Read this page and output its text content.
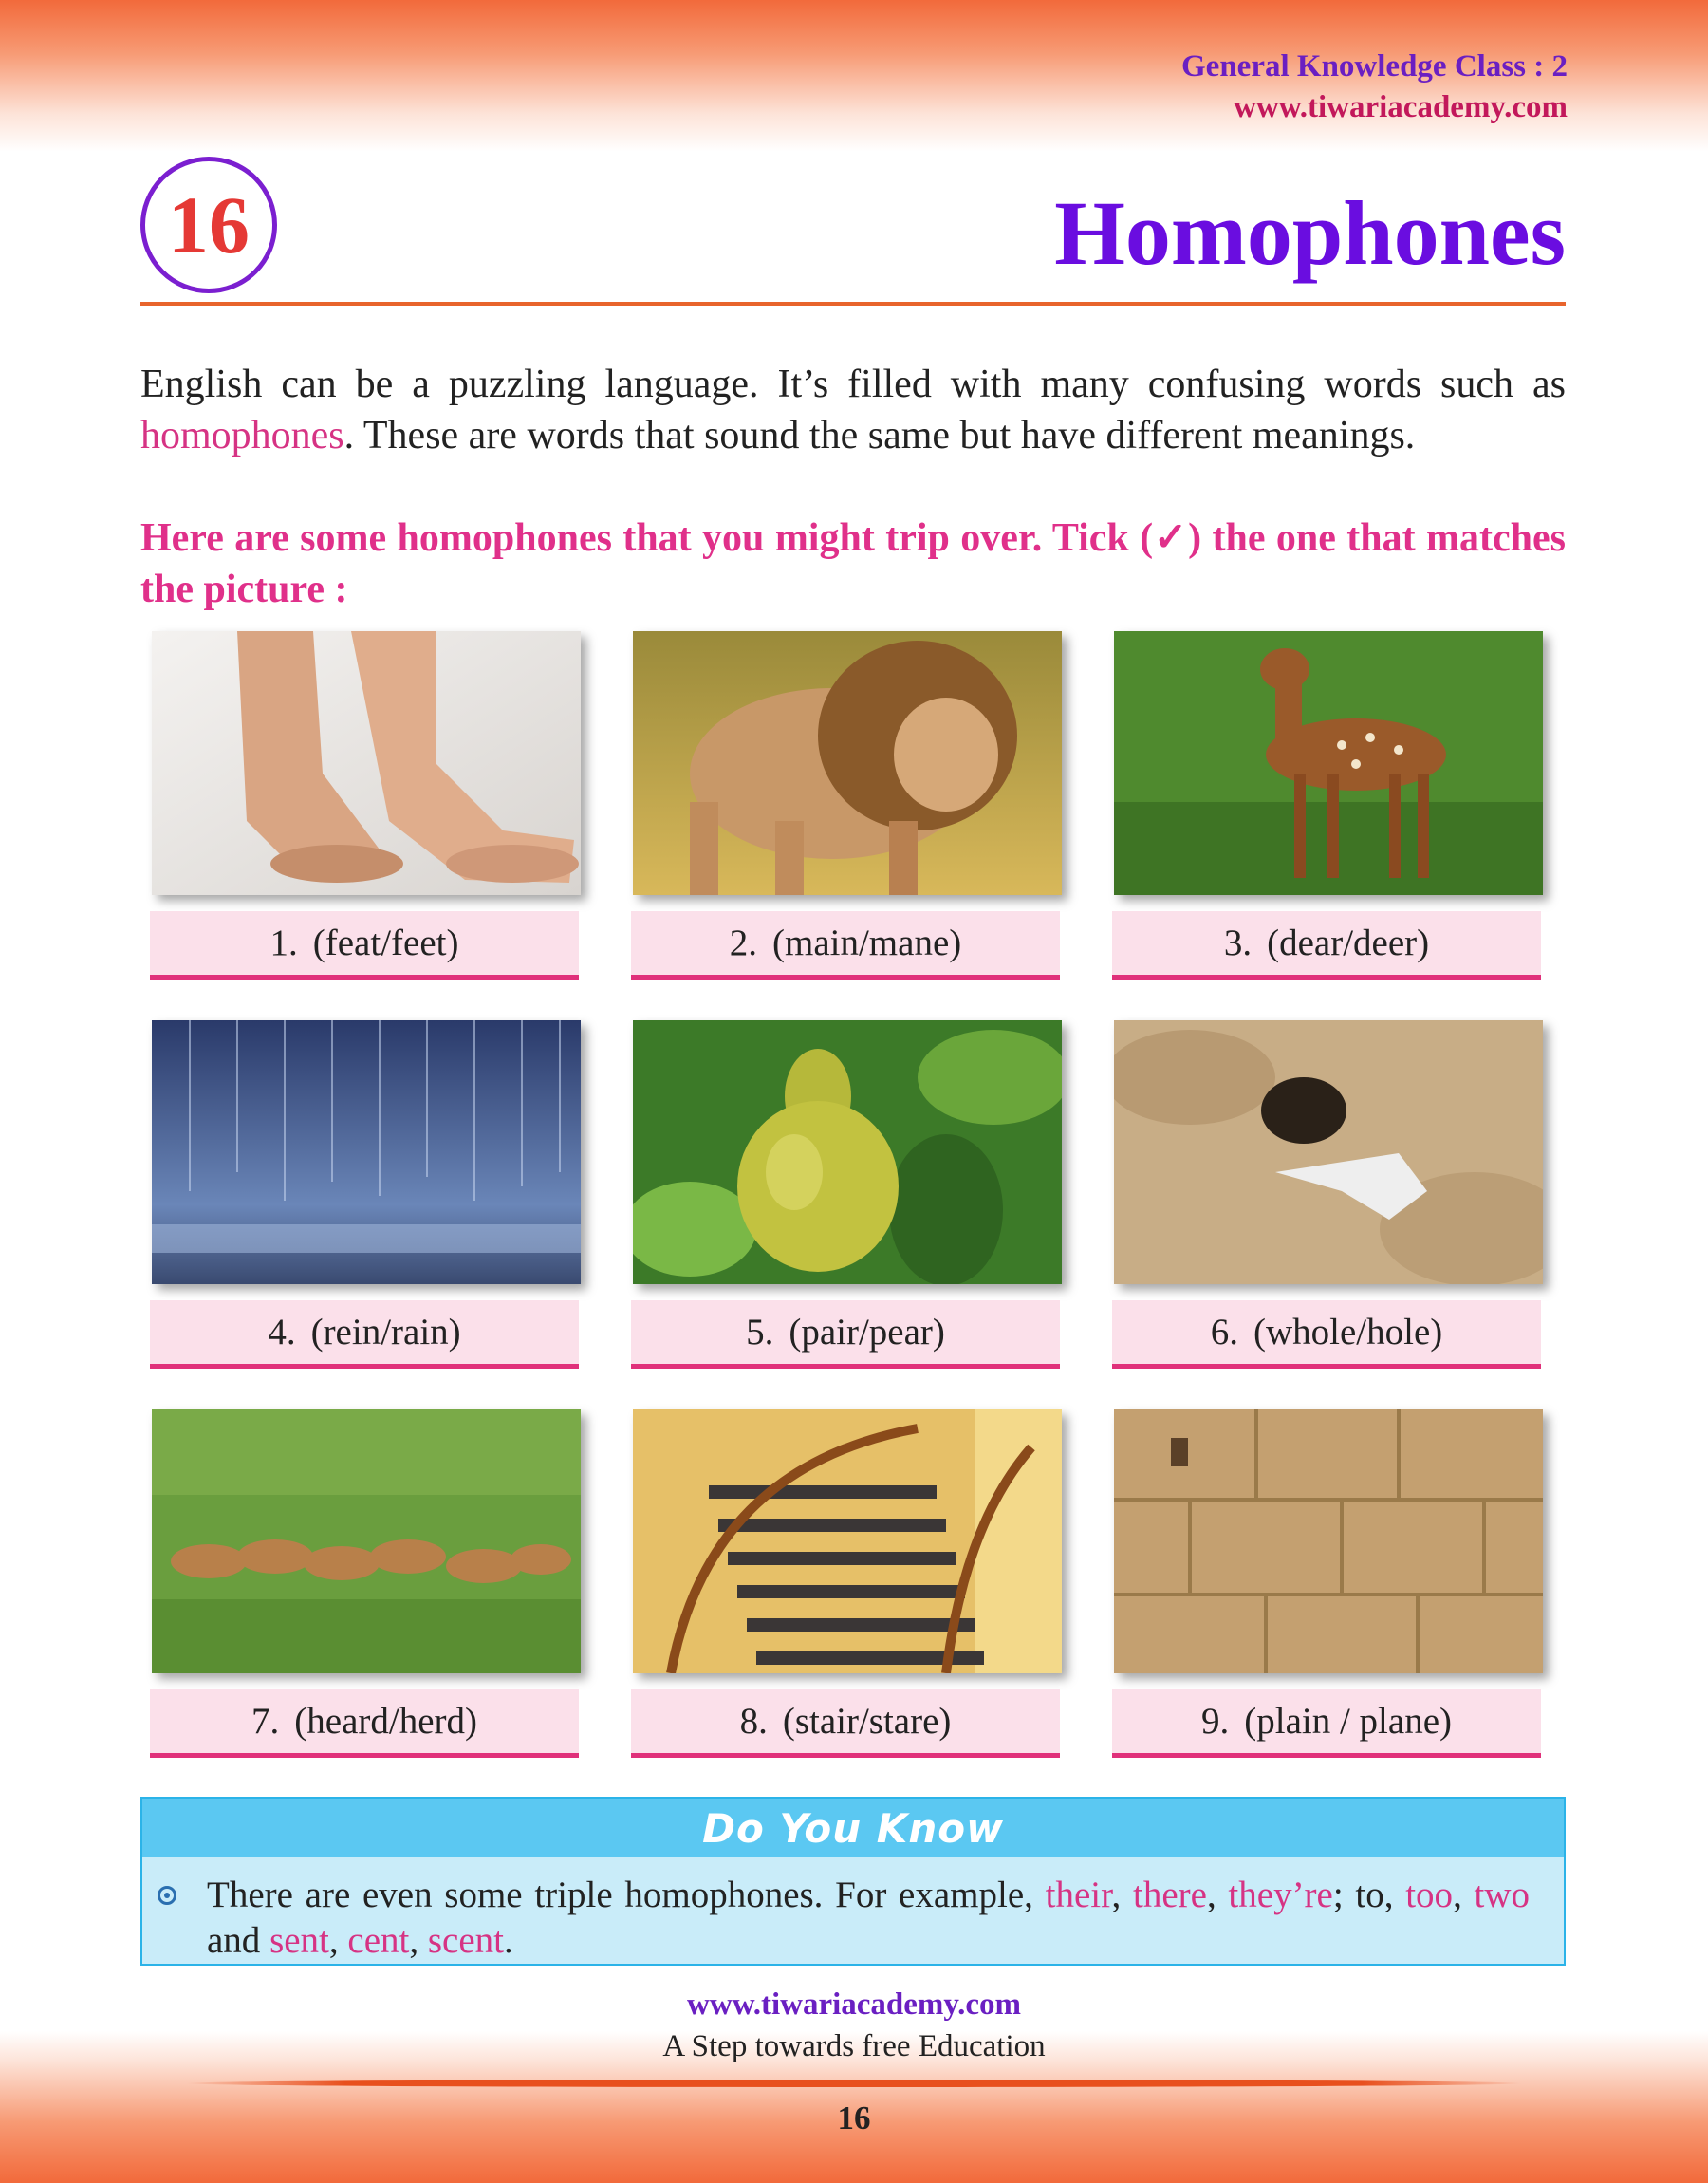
General Knowledge Class : 2
www.tiwariacademy.com
16	Homophones

English can be a puzzling language. It’s filled with many confusing words such as homophones. These are words that sound the same but have different meanings.

Here are some homophones that you might trip over. Tick (✓) the one that matches the picture :

1. (feat/feet)	2. (main/mane)	3. (dear/deer)
4. (rein/rain)	5. (pair/pear)	6. (whole/hole)
7. (heard/herd)	8. (stair/stare)	9. (plain / plane)
Do You Know
There are even some triple homophones. For example, their, there, they’re; to, too, two and sent, cent, scent.
www.tiwariacademy.com
A Step towards free Education
16
